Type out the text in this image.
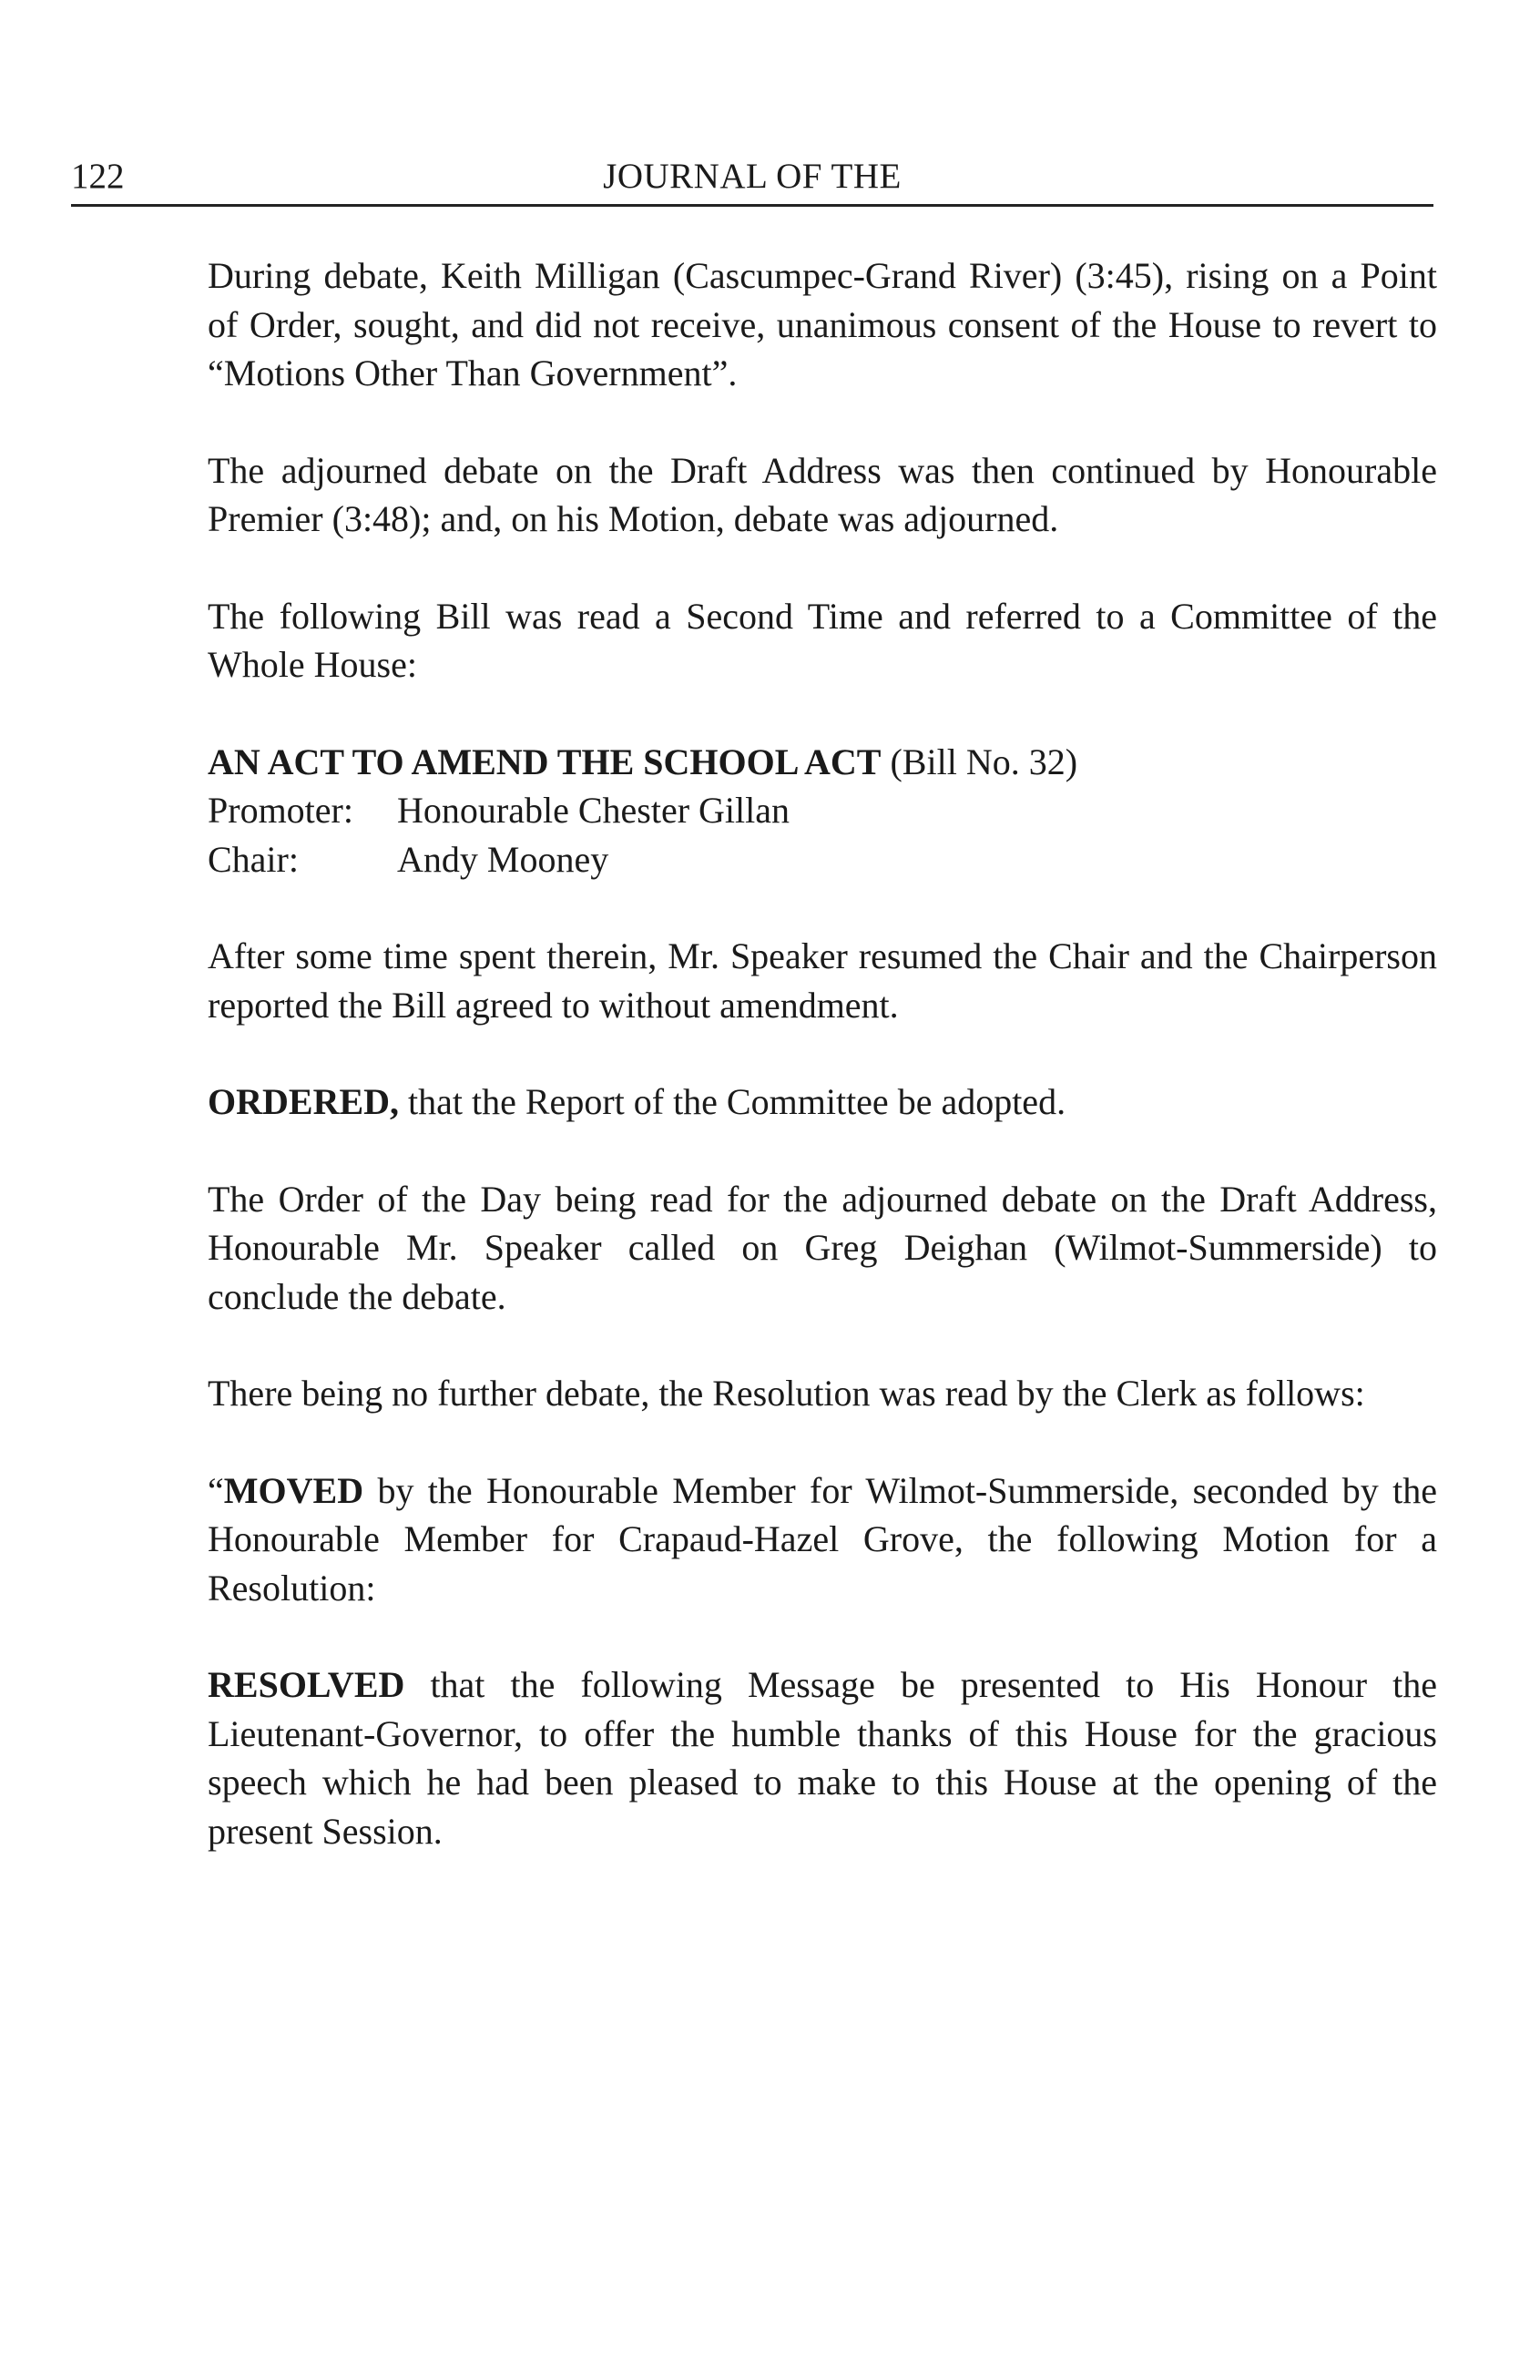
122	JOURNAL OF THE

During debate, Keith Milligan (Cascumpec-Grand River) (3:45), rising on a Point of Order, sought, and did not receive, unanimous consent of the House to revert to “Motions Other Than Government”.

The adjourned debate on the Draft Address was then continued by Honourable Premier (3:48); and, on his Motion, debate was adjourned.

The following Bill was read a Second Time and referred to a Committee of the Whole House:

AN ACT TO AMEND THE SCHOOL ACT (Bill No. 32)
Promoter:	Honourable Chester Gillan
Chair:	Andy Mooney

After some time spent therein, Mr. Speaker resumed the Chair and the Chairperson reported the Bill agreed to without amendment.

ORDERED, that the Report of the Committee be adopted.

The Order of the Day being read for the adjourned debate on the Draft Address, Honourable Mr. Speaker called on Greg Deighan (Wilmot-Summerside) to conclude the debate.

There being no further debate, the Resolution was read by the Clerk as follows:

“MOVED by the Honourable Member for Wilmot-Summerside, seconded by the Honourable Member for Crapaud-Hazel Grove, the following Motion for a Resolution:

RESOLVED that the following Message be presented to His Honour the Lieutenant-Governor, to offer the humble thanks of this House for the gracious speech which he had been pleased to make to this House at the opening of the present Session.
